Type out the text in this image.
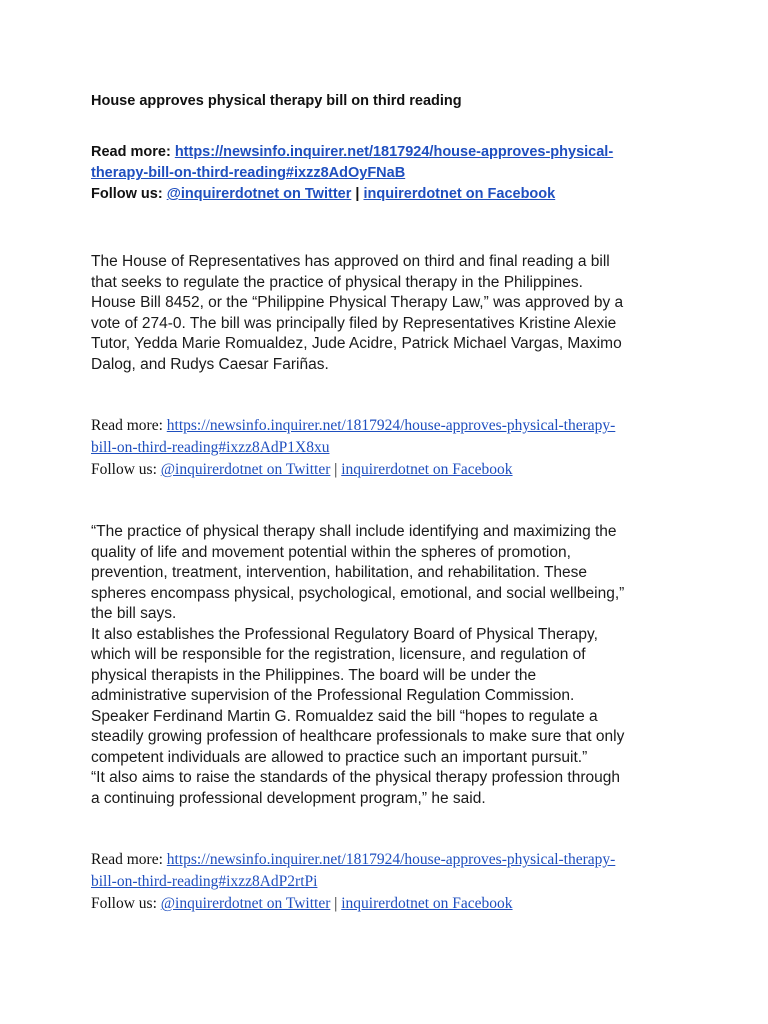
House approves physical therapy bill on third reading
Read more: https://newsinfo.inquirer.net/1817924/house-approves-physical-
therapy-bill-on-third-reading#ixzz8AdOyFNaB
Follow us: @inquirerdotnet on Twitter | inquirerdotnet on Facebook
The House of Representatives has approved on third and final reading a bill
that seeks to regulate the practice of physical therapy in the Philippines.
House Bill 8452, or the “Philippine Physical Therapy Law,” was approved by a
vote of 274-0. The bill was principally filed by Representatives Kristine Alexie
Tutor, Yedda Marie Romualdez, Jude Acidre, Patrick Michael Vargas, Maximo
Dalog, and Rudys Caesar Fariñas.
Read more: https://newsinfo.inquirer.net/1817924/house-approves-physical-therapy-
bill-on-third-reading#ixzz8AdP1X8xu
Follow us: @inquirerdotnet on Twitter | inquirerdotnet on Facebook
“The practice of physical therapy shall include identifying and maximizing the
quality of life and movement potential within the spheres of promotion,
prevention, treatment, intervention, habilitation, and rehabilitation. These
spheres encompass physical, psychological, emotional, and social wellbeing,”
the bill says.
It also establishes the Professional Regulatory Board of Physical Therapy,
which will be responsible for the registration, licensure, and regulation of
physical therapists in the Philippines. The board will be under the
administrative supervision of the Professional Regulation Commission.
Speaker Ferdinand Martin G. Romualdez said the bill “hopes to regulate a
steadily growing profession of healthcare professionals to make sure that only
competent individuals are allowed to practice such an important pursuit.”
“It also aims to raise the standards of the physical therapy profession through
a continuing professional development program,” he said.
Read more: https://newsinfo.inquirer.net/1817924/house-approves-physical-therapy-
bill-on-third-reading#ixzz8AdP2rtPi
Follow us: @inquirerdotnet on Twitter | inquirerdotnet on Facebook
